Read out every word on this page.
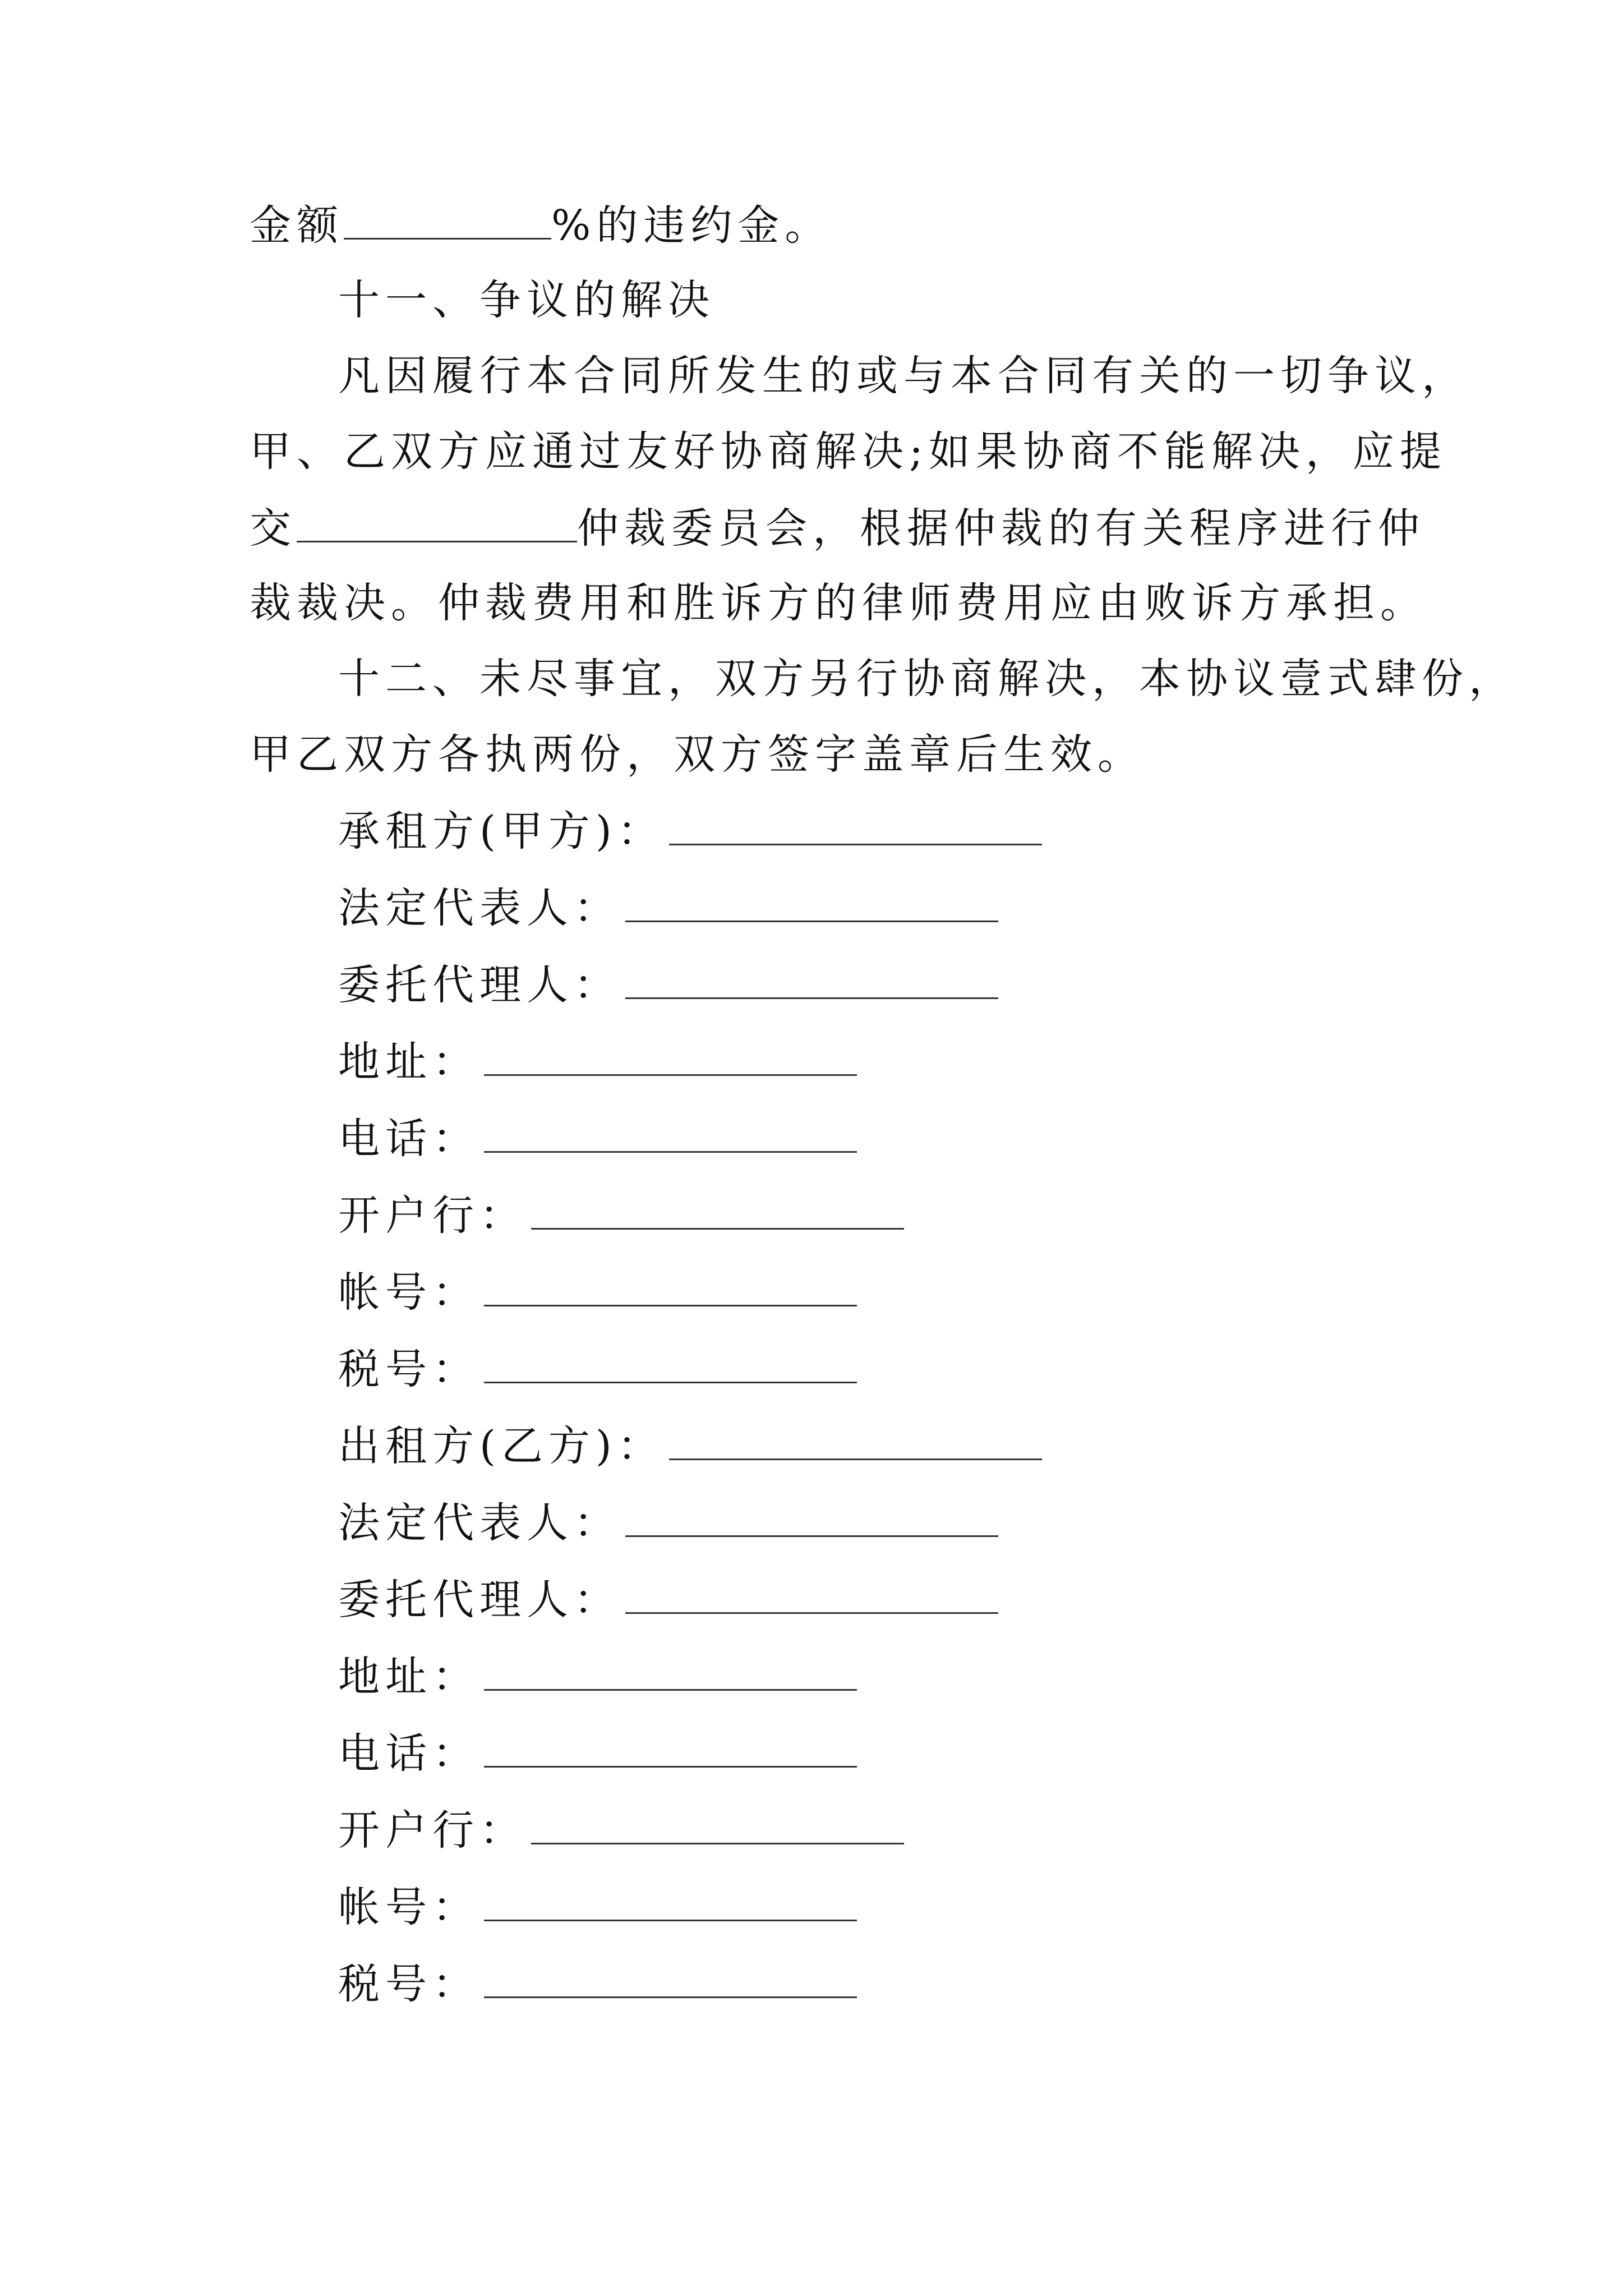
金额	%的违约金。
十一、争议的解决
凡因履行本合同所发生的或与本合同有关的一切争议，
甲、乙双方应通过友好协商解决;如果协商不能解决，应提
交	仲裁委员会，根据仲裁的有关程序进行仲
裁裁决。仲裁费用和胜诉方的律师费用应由败诉方承担。
十二、未尽事宜，双方另行协商解决，本协议壹式肆份，
甲乙双方各执两份，双方签字盖章后生效。
承租方(甲方)：
法定代表人：
委托代理人：
地址：
电话：
开户行：
帐号：
税号：
出租方(乙方)：
法定代表人：
委托代理人：
地址：
电话：
开户行：
帐号：
税号：
